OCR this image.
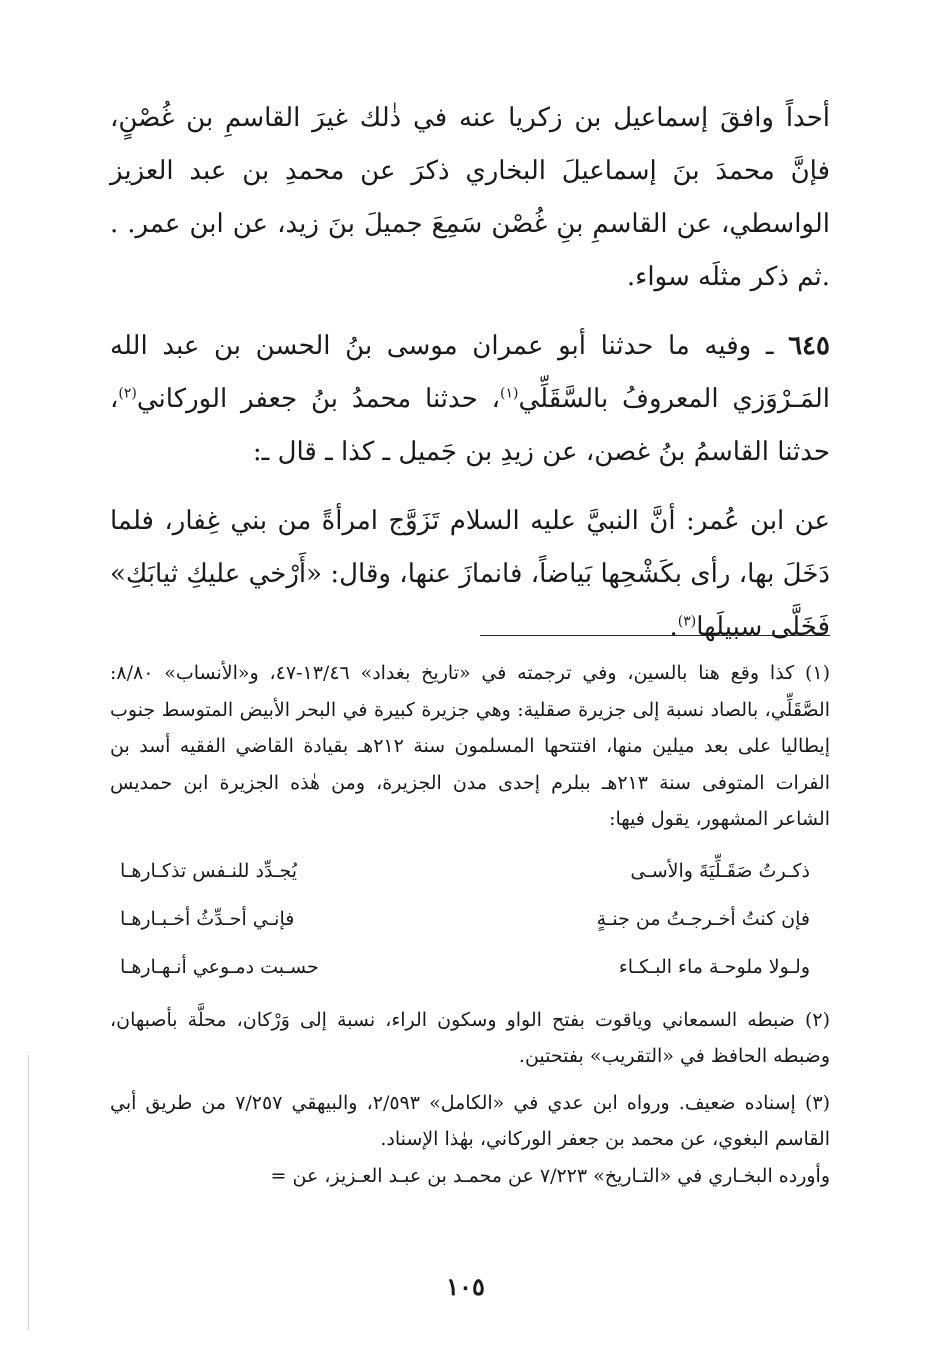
أحداً وافقَ إسماعيل بن زكريا عنه في ذٰلك غيرَ القاسمِ بن غُصْنٍ، فإنَّ محمدَ بنَ إسماعيلَ البخاري ذكرَ عن محمدِ بن عبد العزيز الواسطي، عن القاسمِ بنِ غُصْن سَمِعَ جميلَ بنَ زيد، عن ابن عمر. . .ثم ذكر مثلَه سواء.

٦٤٥ ـ وفيه ما حدثنا أبو عمران موسى بنُ الحسن بن عبد الله المَـرْوَزي المعروفُ بالسَّقَلِّي$^{(١)}$، حدثنا محمدُ بنُ جعفر الوركاني$^{(٢)}$، حدثنا القاسمُ بنُ غصن، عن زيدِ بن جَميل ـ كذا ـ قال ـ:

عن ابن عُمر: أنَّ النبيَّ عليه السلام تَزَوَّج امرأةً من بني غِفار، فلما دَخَلَ بها، رأى بكَشْحِها بَياضاً، فانمازَ عنها، وقال: «أَرْخي عليكِ ثيابَكِ» فَخَلَّى سبيلَها$^{(٣)}$.

(١) كذا وقع هنا بالسين، وفي ترجمته في «تاريخ بغداد» ١٣/٤٦-٤٧، و«الأنساب» ٨/٨٠: الصَّقَلِّي، بالصاد نسبة إلى جزيرة صقلية: وهي جزيرة كبيرة في البحر الأبيض المتوسط جنوب إيطاليا على بعد ميلين منها، افتتحها المسلمون سنة ٢١٢هـ بقيادة القاضي الفقيه أسد بن الفرات المتوفى سنة ٢١٣هـ ببلرم إحدى مدن الجزيرة، ومن هٰذه الجزيرة ابن حمديس الشاعر المشهور، يقول فيها:

ذكـرتُ صَقَـلِّيَةَ والأسـى
يُجـدِّد للنـفس تذكـارهـا
فإن كنتُ أخـرجـتُ من جنـةٍ
فإنـي أحـدِّثُ أخـبـارهـا
ولـولا ملوحـة ماء البـكـاء
حسـبت دمـوعي أنـهـارهـا

(٢) ضبطه السمعاني وياقوت بفتح الواو وسكون الراء، نسبة إلى وَرْكان، محلَّة بأصبهان، وضبطه الحافظ في «التقريب» بفتحتين.

(٣) إسناده ضعيف. ورواه ابن عدي في «الكامل» ٢/٥٩٣، والبيهقي ٧/٢٥٧ من طريق أبي القاسم البغوي، عن محمد بن جعفر الوركاني، بهٰذا الإسناد.
وأورده البخـاري في «التـاريخ» ٧/٢٢٣ عن محمـد بن عبـد العـزيز، عن =

١٠٥
